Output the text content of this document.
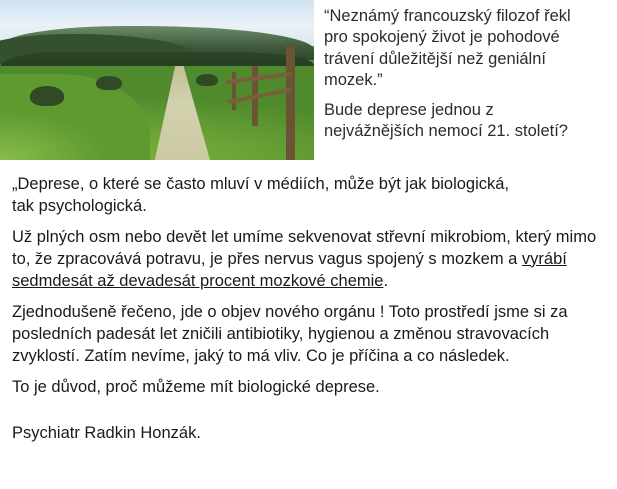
“Neznámý francouzský filozof řekl
pro spokojený život je pohodové
trávení důležitější než geniální
mozek.”
Bude deprese jednou z
nejvážnějších nemocí 21. století?

„Deprese, o které se často mluví v médiích, může být jak biologická,
tak psychologická.

Už plných osm nebo devět let umíme sekvenovat střevní mikrobiom, který mimo to, že zpracovává potravu, je přes nervus vagus spojený s mozkem a vyrábí sedmdesát až devadesát procent mozkové chemie.

Zjednodušeně řečeno, jde o objev nového orgánu ! Toto prostředí jsme si za posledních padesát let zničili antibiotiky, hygienou a změnou stravovacích zvyklostí. Zatím nevíme, jaký to má vliv. Co je příčina a co následek.

To je důvod, proč můžeme mít biologické deprese.

Psychiatr Radkin Honzák.
